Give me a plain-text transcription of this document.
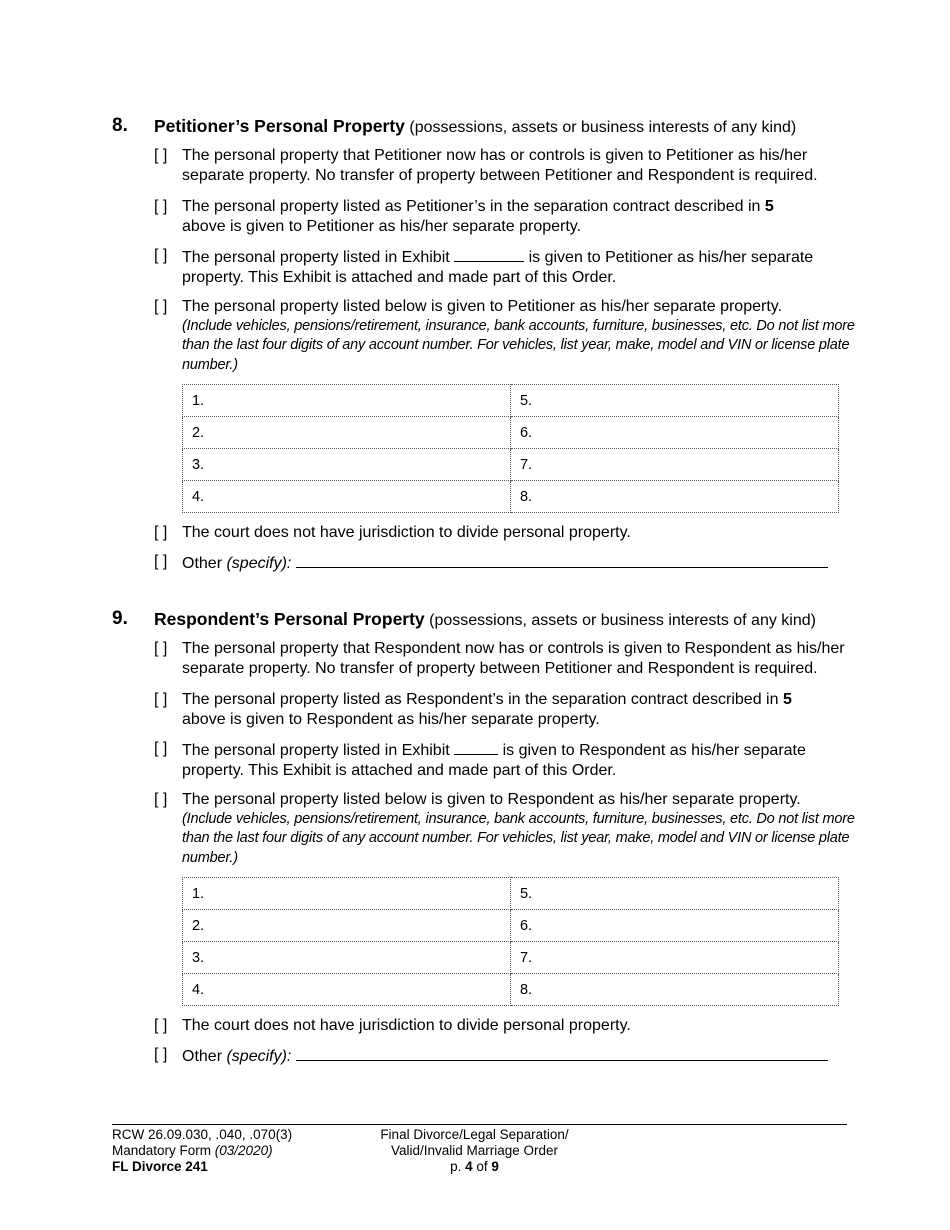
8. Petitioner’s Personal Property (possessions, assets or business interests of any kind)
[ ] The personal property that Petitioner now has or controls is given to Petitioner as his/her separate property. No transfer of property between Petitioner and Respondent is required.
[ ] The personal property listed as Petitioner’s in the separation contract described in 5
above is given to Petitioner as his/her separate property.
[ ] The personal property listed in Exhibit	is given to Petitioner as his/her separate property. This Exhibit is attached and made part of this Order.
[ ] The personal property listed below is given to Petitioner as his/her separate property.
(Include vehicles, pensions/retirement, insurance, bank accounts, furniture, businesses, etc. Do not list more than the last four digits of any account number. For vehicles, list year, make, model and VIN or license plate number.)
1.	5.
2.	6.
3.	7.
4.	8.
[ ] The court does not have jurisdiction to divide personal property.
[ ] Other (specify):
9. Respondent’s Personal Property (possessions, assets or business interests of any kind)
[ ] The personal property that Respondent now has or controls is given to Respondent as his/her separate property. No transfer of property between Petitioner and Respondent is required.
[ ] The personal property listed as Respondent’s in the separation contract described in 5
above is given to Respondent as his/her separate property.
[ ] The personal property listed in Exhibit	is given to Respondent as his/her separate property. This Exhibit is attached and made part of this Order.
[ ] The personal property listed below is given to Respondent as his/her separate property.
(Include vehicles, pensions/retirement, insurance, bank accounts, furniture, businesses, etc. Do not list more than the last four digits of any account number. For vehicles, list year, make, model and VIN or license plate number.)
1.	5.
2.	6.
3.	7.
4.	8.
[ ] The court does not have jurisdiction to divide personal property.
[ ] Other (specify):
RCW 26.09.030, .040, .070(3)
Mandatory Form (03/2020)
FL Divorce 241
Final Divorce/Legal Separation/
Valid/Invalid Marriage Order
p. 4 of 9
